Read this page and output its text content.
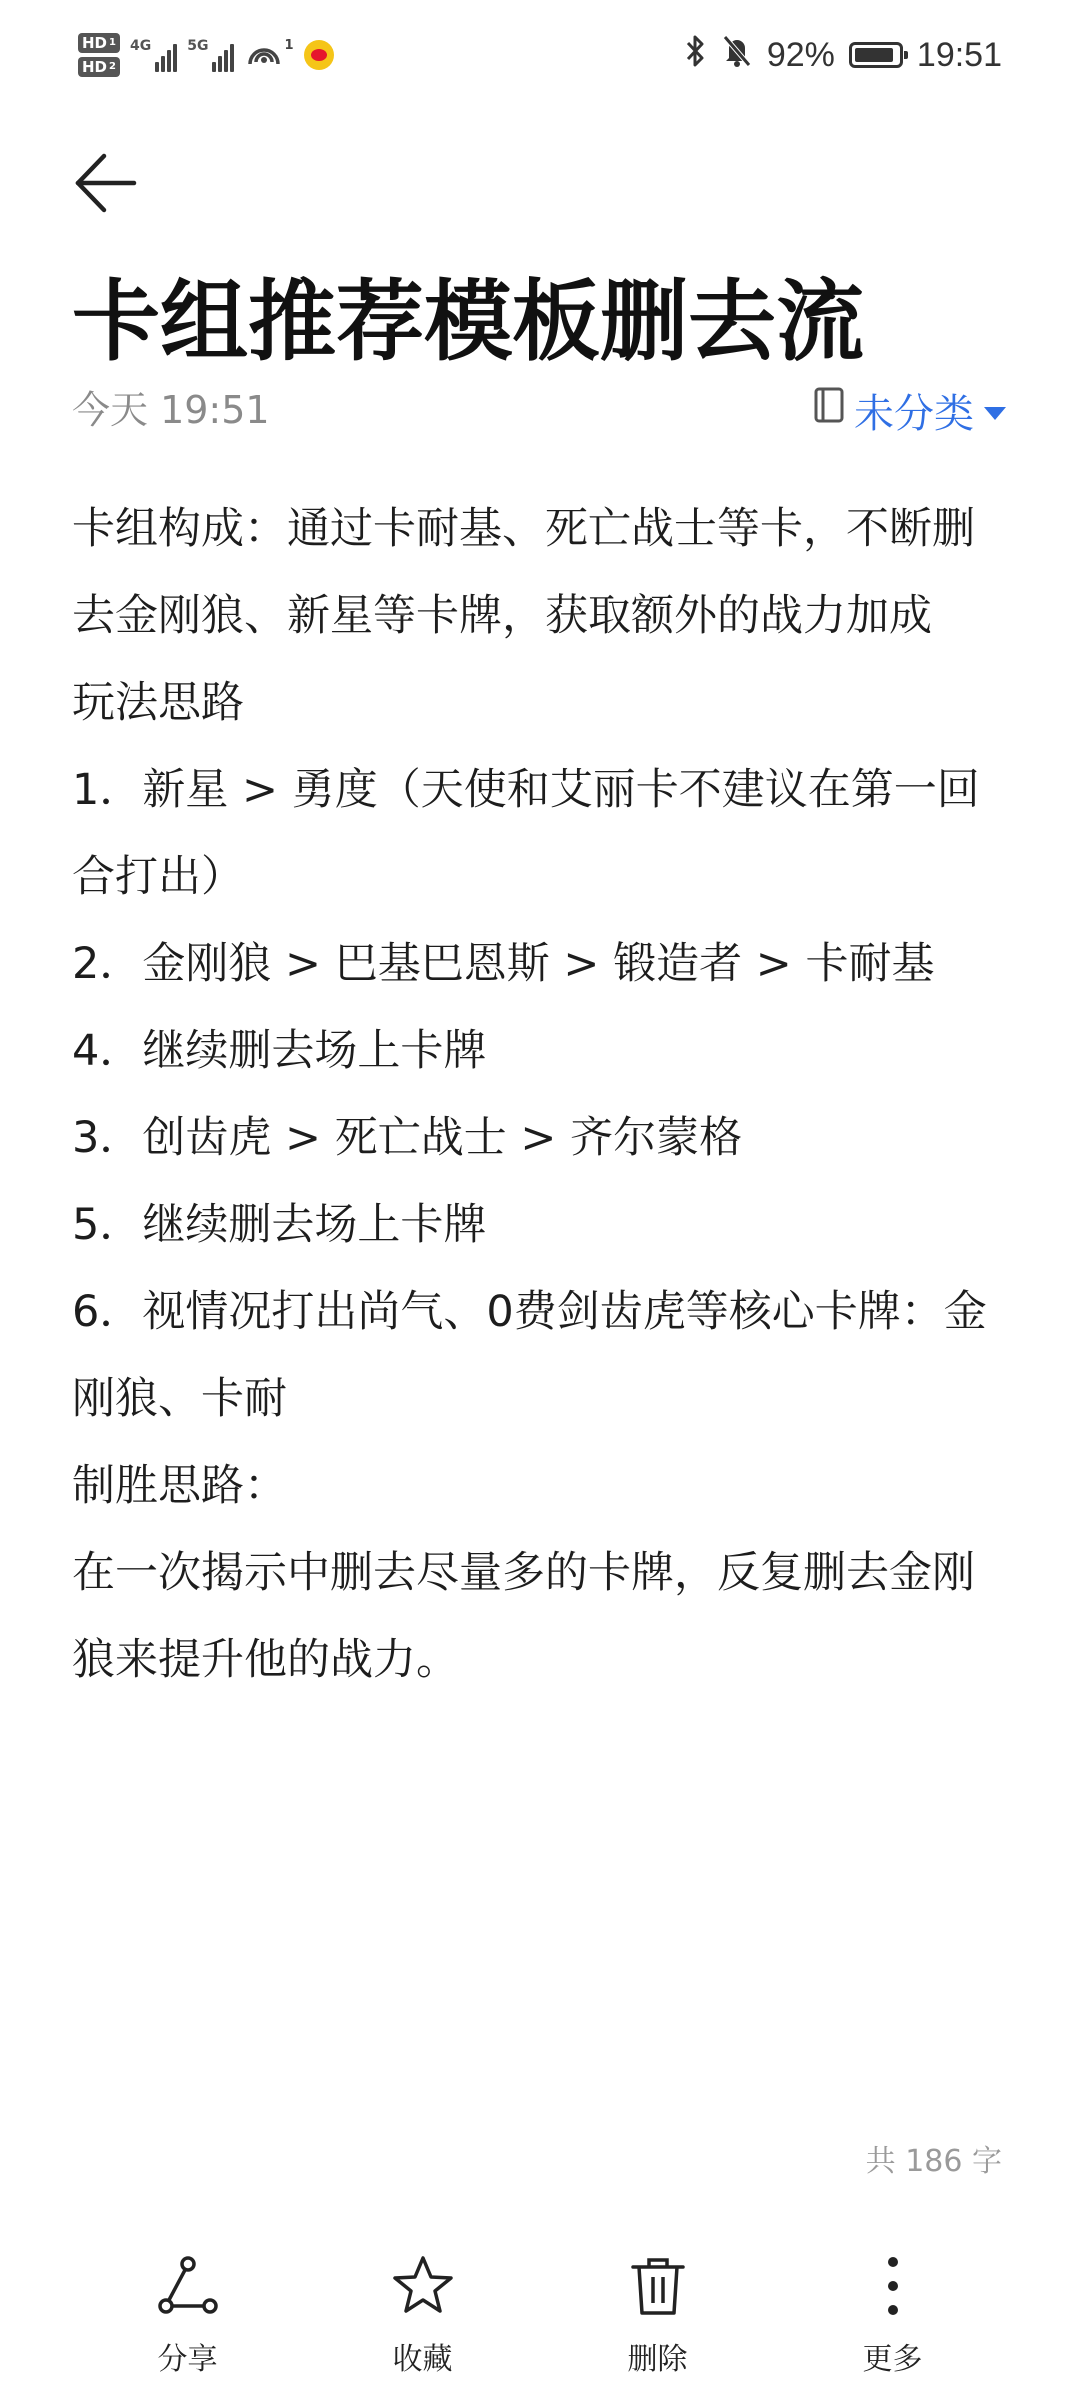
HD 1
HD 2
4G	5G	1	92% 19:51
卡组推荐模板删去流
今天 19:51	未分类

卡组构成：通过卡耐基、死亡战士等卡，不断删去金刚狼、新星等卡牌，获取额外的战力加成

玩法思路

1．新星 > 勇度（天使和艾丽卡不建议在第一回合打出）

2．金刚狼 > 巴基巴恩斯 > 锻造者 > 卡耐基

4．继续删去场上卡牌

3．创齿虎 > 死亡战士 > 齐尔蒙格

5．继续删去场上卡牌

6．视情况打出尚气、0费剑齿虎等核心卡牌：金刚狼、卡耐

制胜思路：

在一次揭示中删去尽量多的卡牌，反复删去金刚狼来提升他的战力。

共 186 字
分享	收藏	删除	更多
